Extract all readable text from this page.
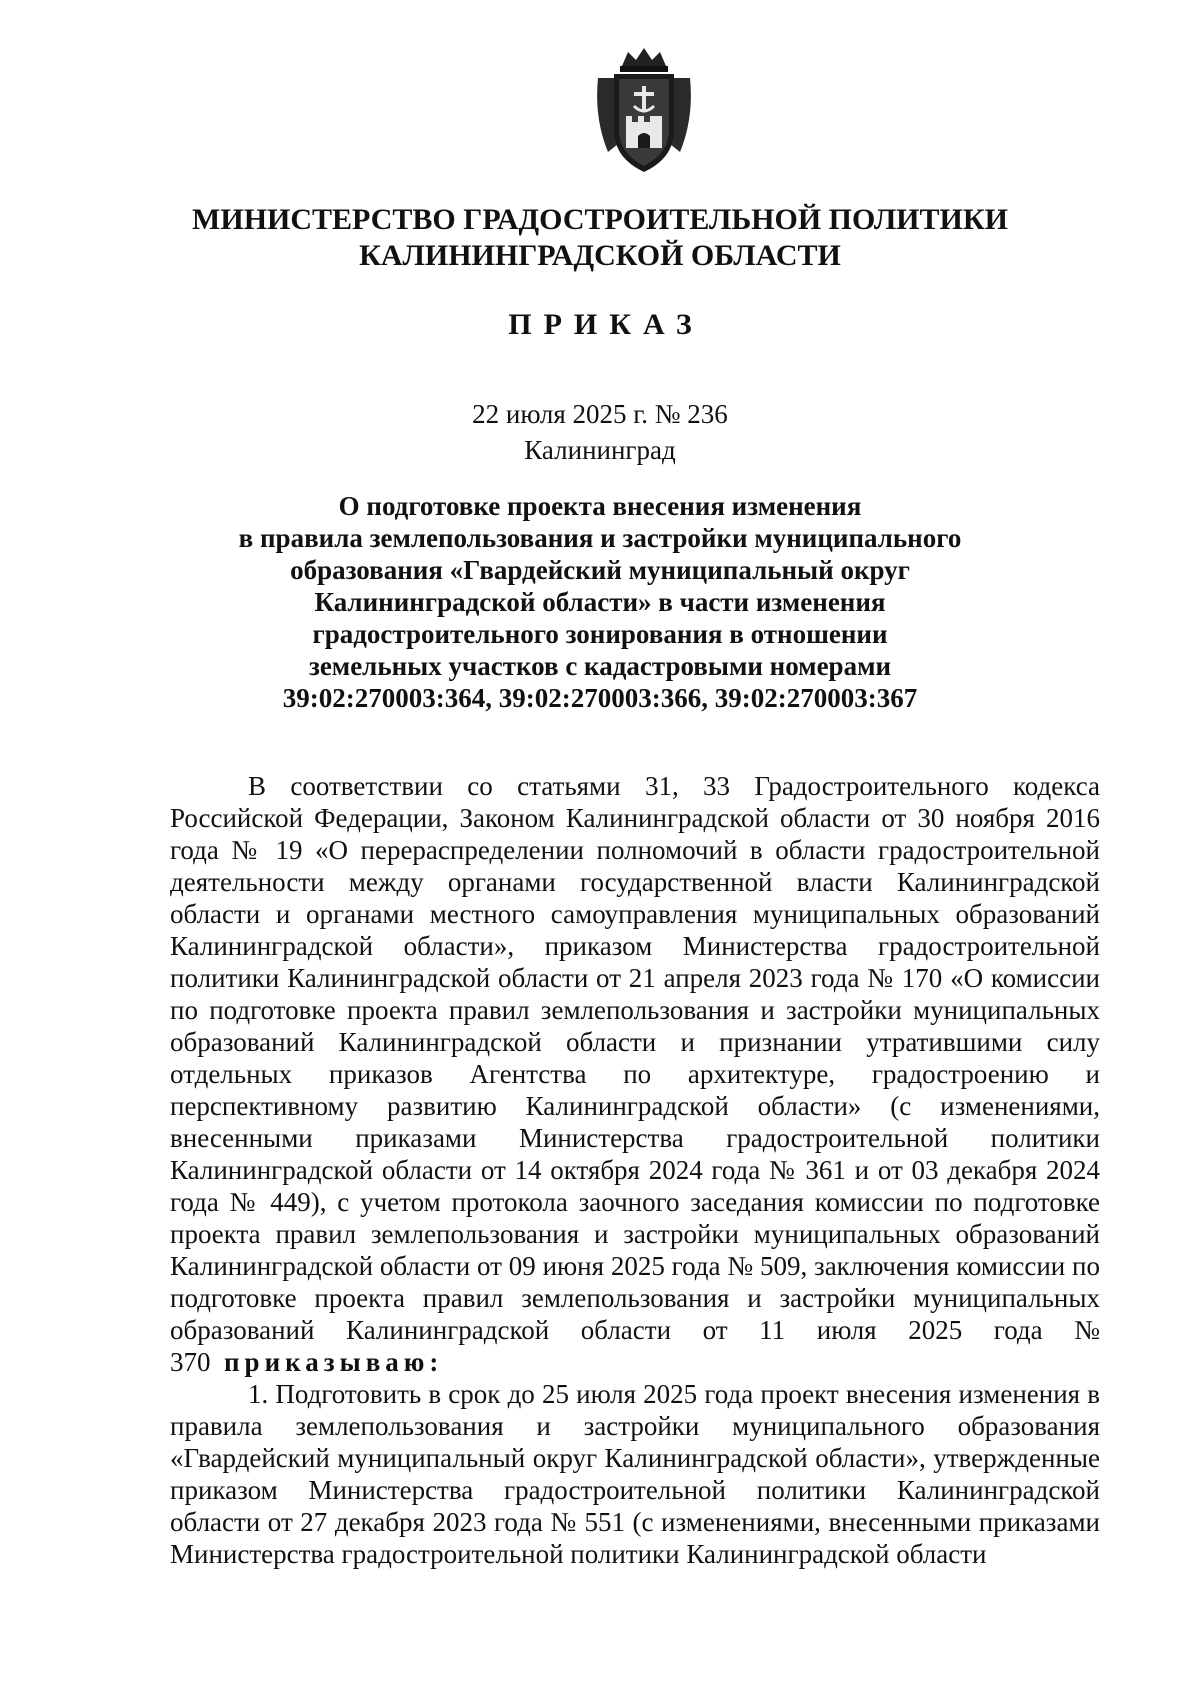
МИНИСТЕРСТВО ГРАДОСТРОИТЕЛЬНОЙ ПОЛИТИКИ
КАЛИНИНГРАДСКОЙ ОБЛАСТИ
ПРИКАЗ
22 июля 2025 г. № 236
Калининград
О подготовке проекта внесения изменения
в правила землепользования и застройки муниципального
образования «Гвардейский муниципальный округ
Калининградской области» в части изменения
градостроительного зонирования в отношении
земельных участков с кадастровыми номерами
39:02:270003:364, 39:02:270003:366, 39:02:270003:367

В соответствии со статьями 31, 33 Градостроительного кодекса Российской Федерации, Законом Калининградской области от 30 ноября 2016 года № 19 «О перераспределении полномочий в области градостроительной деятельности между органами государственной власти Калининградской области и органами местного самоуправления муниципальных образований Калининградской области», приказом Министерства градостроительной политики Калининградской области от 21 апреля 2023 года № 170 «О комиссии по подготовке проекта правил землепользования и застройки муниципальных образований Калининградской области и признании утратившими силу отдельных приказов Агентства по архитектуре, градостроению и перспективному развитию Калининградской области» (с изменениями, внесенными приказами Министерства градостроительной политики Калининградской области от 14 октября 2024 года № 361 и от 03 декабря 2024 года № 449), с учетом протокола заочного заседания комиссии по подготовке проекта правил землепользования и застройки муниципальных образований Калининградской области от 09 июня 2025 года № 509, заключения комиссии по подготовке проекта правил землепользования и застройки муниципальных образований Калининградской области от 11 июля 2025 года № 370 приказываю:

1. Подготовить в срок до 25 июля 2025 года проект внесения изменения в правила землепользования и застройки муниципального образования «Гвардейский муниципальный округ Калининградской области», утвержденные приказом Министерства градостроительной политики Калининградской области от 27 декабря 2023 года № 551 (с изменениями, внесенными приказами Министерства градостроительной политики Калининградской области
